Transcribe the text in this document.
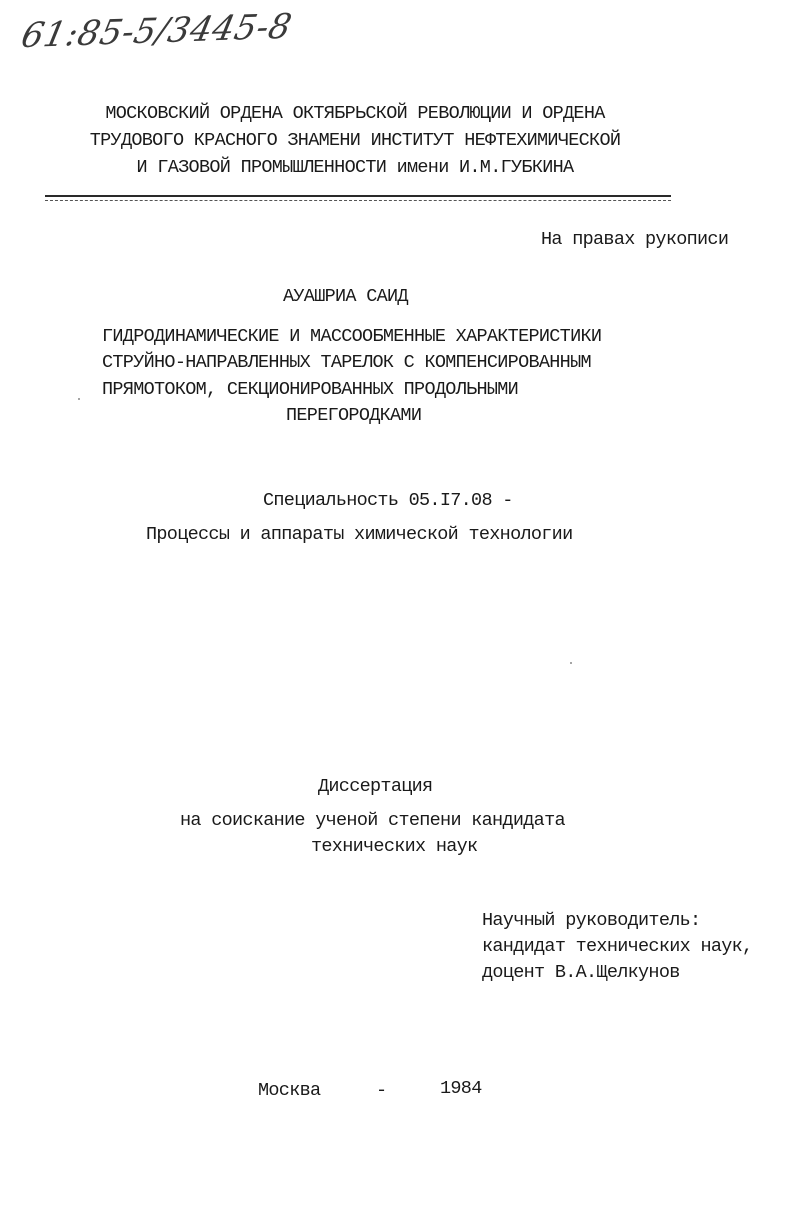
61:85-5/3445-8

МОСКОВСКИЙ ОРДЕНА ОКТЯБРЬСКОЙ РЕВОЛЮЦИИ И ОРДЕНА

ТРУДОВОГО КРАСНОГО ЗНАМЕНИ ИНСТИТУТ НЕФТЕХИМИЧЕСКОЙ

И ГАЗОВОЙ ПРОМЫШЛЕННОСТИ имени И.М.ГУБКИНА

На правах рукописи

АУАШРИА САИД

ГИДРОДИНАМИЧЕСКИЕ И МАССООБМЕННЫЕ ХАРАКТЕРИСТИКИ

СТРУЙНО-НАПРАВЛЕННЫХ ТАРЕЛОК С КОМПЕНСИРОВАННЫМ

ПРЯМОТОКОМ, СЕКЦИОНИРОВАННЫХ ПРОДОЛЬНЫМИ

ПЕРЕГОРОДКАМИ

Специальность 05.I7.08 -

Процессы и аппараты химической технологии

Диссертация

на соискание ученой степени кандидата

технических наук

Научный руководитель:

кандидат технических наук,

доцент В.А.Щелкунов

Москва	-	1984
